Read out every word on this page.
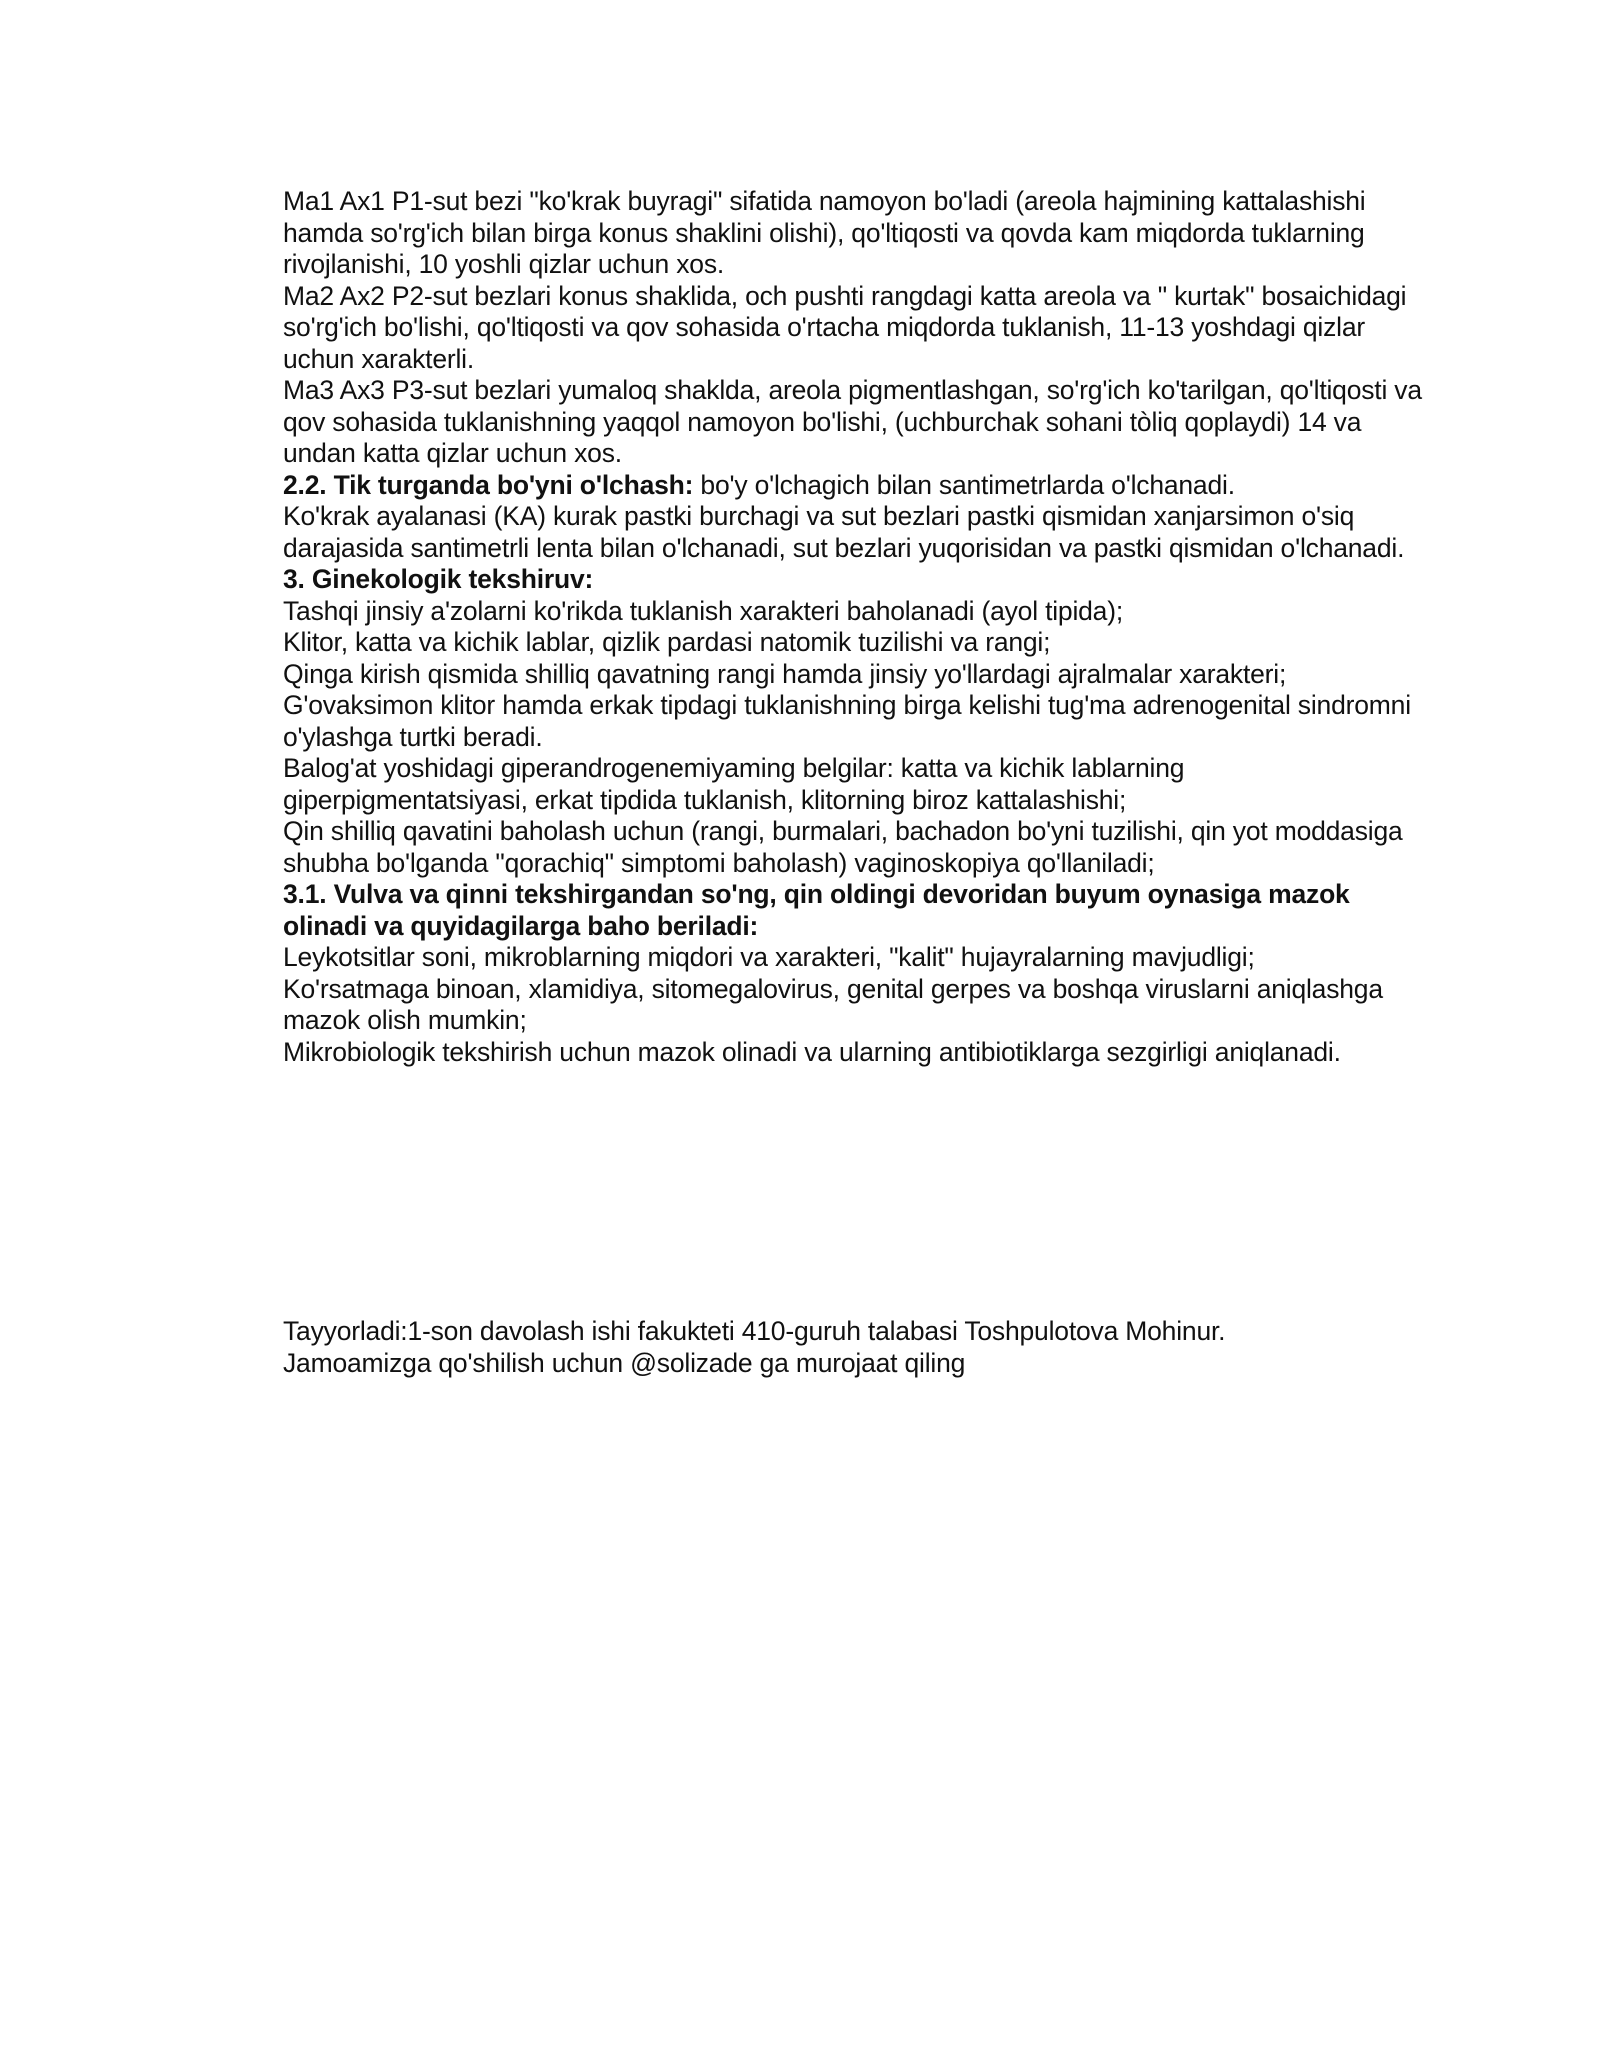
Ma1 Ax1 P1-sut bezi "ko'krak buyragi" sifatida namoyon bo'ladi (areola hajmining kattalashishi hamda so'rg'ich bilan birga konus shaklini olishi), qo'ltiqosti va qovda kam miqdorda tuklarning rivojlanishi, 10 yoshli qizlar uchun xos.

Ma2 Ax2 P2-sut bezlari konus shaklida, och pushti rangdagi katta areola va " kurtak" bosaichidagi so'rg'ich bo'lishi, qo'ltiqosti va qov sohasida o'rtacha miqdorda tuklanish, 11-13 yoshdagi qizlar uchun xarakterli.

Ma3 Ax3 P3-sut bezlari yumaloq shaklda, areola pigmentlashgan, so'rg'ich ko'tarilgan, qo'ltiqosti va qov sohasida tuklanishning yaqqol namoyon bo'lishi, (uchburchak sohani tòliq qoplaydi) 14 va undan katta qizlar uchun xos.

2.2. Tik turganda bo'yni o'lchash: bo'y o'lchagich bilan santimetrlarda o'lchanadi.

Ko'krak ayalanasi (KA) kurak pastki burchagi va sut bezlari pastki qismidan xanjarsimon o'siq darajasida santimetrli lenta bilan o'lchanadi, sut bezlari yuqorisidan va pastki qismidan o'lchanadi.

3. Ginekologik tekshiruv:

Tashqi jinsiy a'zolarni ko'rikda tuklanish xarakteri baholanadi (ayol tipida);

Klitor, katta va kichik lablar, qizlik pardasi natomik tuzilishi va rangi;

Qinga kirish qismida shilliq qavatning rangi hamda jinsiy yo'llardagi ajralmalar xarakteri;

G'ovaksimon klitor hamda erkak tipdagi tuklanishning birga kelishi tug'ma adrenogenital sindromni o'ylashga turtki beradi.

Balog'at yoshidagi giperandrogenemiyaming belgilar: katta va kichik lablarning giperpigmentatsiyasi, erkat tipdida tuklanish, klitorning biroz kattalashishi;

Qin shilliq qavatini baholash uchun (rangi, burmalari, bachadon bo'yni tuzilishi, qin yot moddasiga shubha bo'lganda "qorachiq" simptomi baholash) vaginoskopiya qo'llaniladi;

3.1. Vulva va qinni tekshirgandan so'ng, qin oldingi devoridan buyum oynasiga mazok olinadi va quyidagilarga baho beriladi:

Leykotsitlar soni, mikroblarning miqdori va xarakteri, "kalit" hujayralarning mavjudligi;

Ko'rsatmaga binoan, xlamidiya, sitomegalovirus, genital gerpes va boshqa viruslarni aniqlashga mazok olish mumkin;

Mikrobiologik tekshirish uchun mazok olinadi va ularning antibiotiklarga sezgirligi aniqlanadi.

Tayyorladi:1-son davolash ishi fakukteti 410-guruh talabasi Toshpulotova Mohinur.

Jamoamizga qo'shilish uchun @solizade ga murojaat qiling
